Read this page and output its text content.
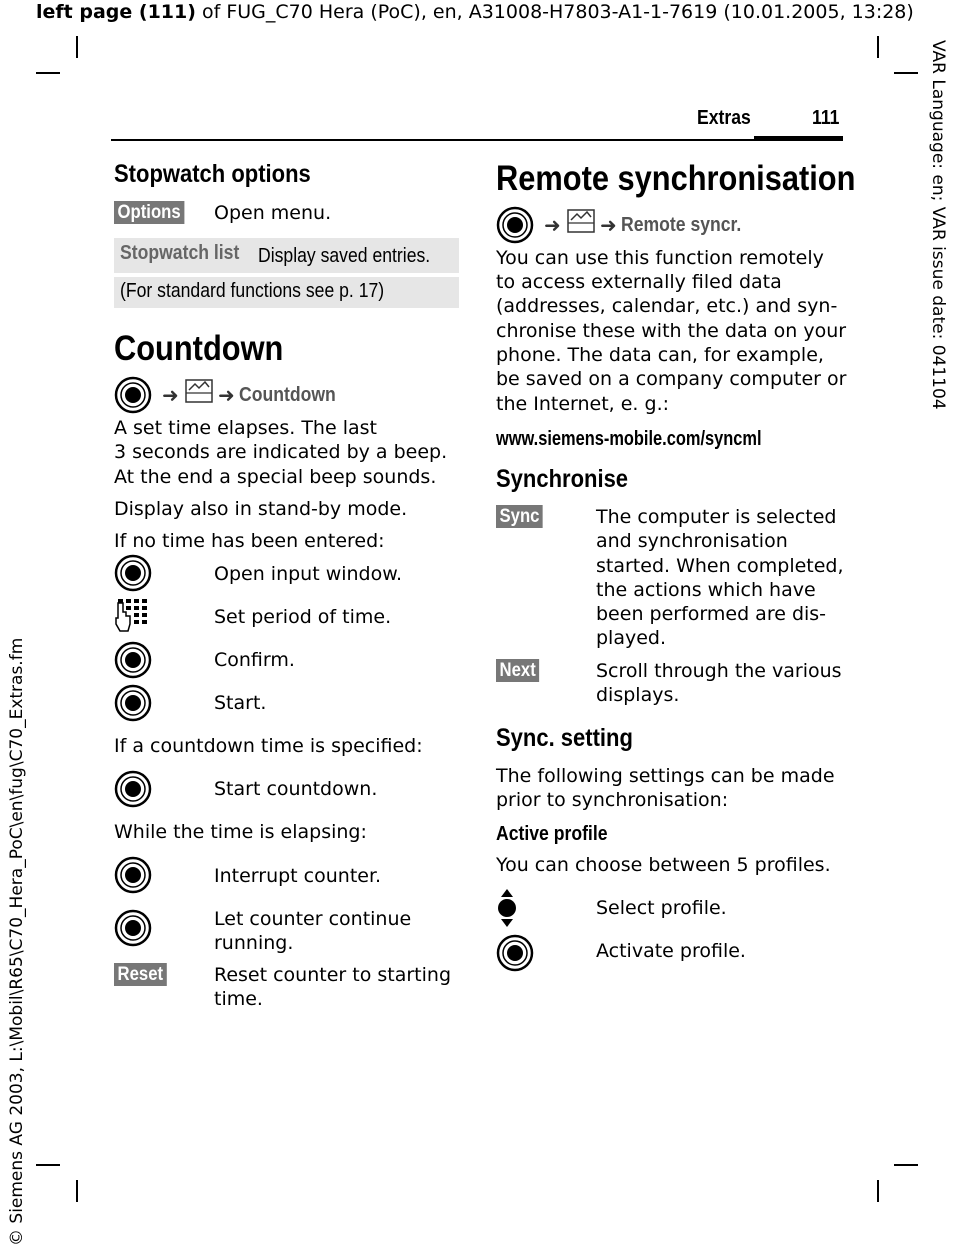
left page (111) of FUG_C70 Hera (PoC), en, A31008-H7803-A1-1-7619 (10.01.2005, 13:28)
VAR Language: en; VAR issue date: 041104
© Siemens AG 2003, L:\Mobil\R65\C70_Hera_PoC\en\fug\C70_Extras.fm
Extras	111
Stopwatch options
Options	Open menu.
Stopwatch list Display saved entries.
(For standard functions see p. 17)
Countdown
➜ ➜ Countdown
A set time elapses. The last
3 seconds are indicated by a beep.
At the end a special beep sounds.
Display also in stand-by mode.
If no time has been entered:
Open input window.
Set period of time.
Confirm.
Start.
If a countdown time is specified:
Start countdown.
While the time is elapsing:
Interrupt counter.
Let counter continue
running.
Reset	Reset counter to starting
time.
Remote synchronisation
➜ ➜ Remote syncr.
You can use this function remotely
to access externally filed data
(addresses, calendar, etc.) and syn-
chronise these with the data on your
phone. The data can, for example,
be saved on a company computer or
the Internet, e. g.:
www.siemens-mobile.com/syncml
Synchronise
Sync	The computer is selected
and synchronisation
started. When completed,
the actions which have
been performed are dis-
played.
Next	Scroll through the various
displays.
Sync. setting
The following settings can be made
prior to synchronisation:
Active profile
You can choose between 5 profiles.
Select profile.
Activate profile.
